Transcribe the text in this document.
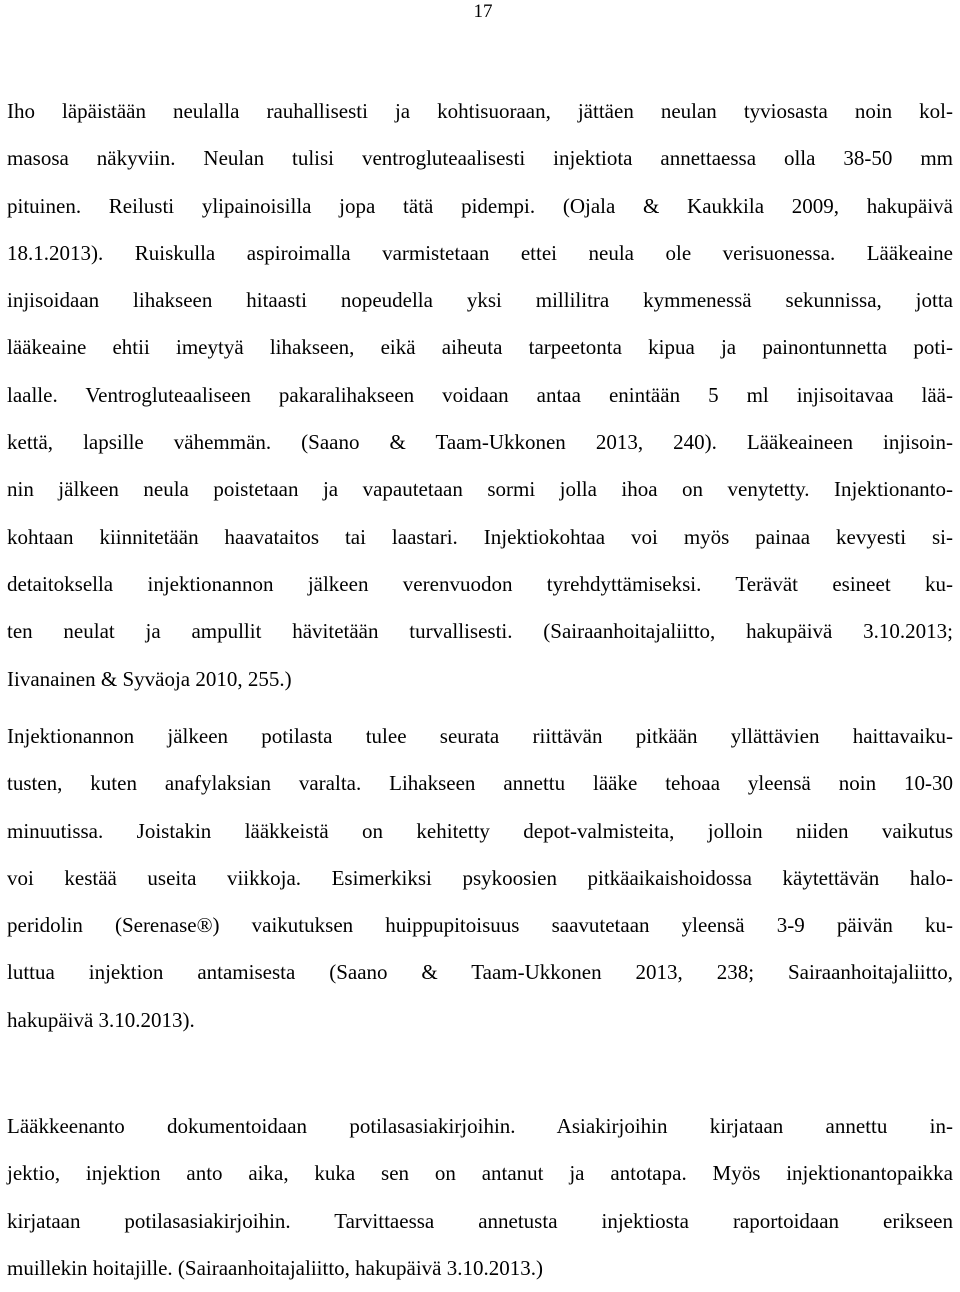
17
Iho läpäistään neulalla rauhallisesti ja kohtisuoraan, jättäen neulan tyviosasta noin kol-
masosa näkyviin. Neulan tulisi ventrogluteaalisesti injektiota annettaessa olla 38-50 mm
pituinen. Reilusti ylipainoisilla jopa tätä pidempi. (Ojala & Kaukkila 2009, hakupäivä
18.1.2013). Ruiskulla aspiroimalla varmistetaan ettei neula ole verisuonessa. Lääkeaine
injisoidaan lihakseen hitaasti nopeudella yksi millilitra kymmenessä sekunnissa, jotta
lääkeaine ehtii imeytyä lihakseen, eikä aiheuta tarpeetonta kipua ja painontunnetta poti-
laalle. Ventrogluteaaliseen pakaralihakseen voidaan antaa enintään 5 ml injisoitavaa lää-
kettä, lapsille vähemmän. (Saano & Taam-Ukkonen 2013, 240). Lääkeaineen injisoin-
nin jälkeen neula poistetaan ja vapautetaan sormi jolla ihoa on venytetty. Injektionanto-
kohtaan kiinnitetään haavataitos tai laastari. Injektiokohtaa voi myös painaa kevyesti si-
detaitoksella injektionannon jälkeen verenvuodon tyrehdyttämiseksi. Terävät esineet ku-
ten neulat ja ampullit hävitetään turvallisesti. (Sairaanhoitajaliitto, hakupäivä 3.10.2013;
Iivanainen & Syväoja 2010, 255.)
Injektionannon jälkeen potilasta tulee seurata riittävän pitkään yllättävien haittavaiku-
tusten, kuten anafylaksian varalta. Lihakseen annettu lääke tehoaa yleensä noin 10-30
minuutissa. Joistakin lääkkeistä on kehitetty depot-valmisteita, jolloin niiden vaikutus
voi kestää useita viikkoja. Esimerkiksi psykoosien pitkäaikaishoidossa käytettävän halo-
peridolin (Serenase®) vaikutuksen huippupitoisuus saavutetaan yleensä 3-9 päivän ku-
luttua injektion antamisesta (Saano & Taam-Ukkonen 2013, 238; Sairaanhoitajaliitto,
hakupäivä 3.10.2013).
Lääkkeenanto dokumentoidaan potilasasiakirjoihin. Asiakirjoihin kirjataan annettu in-
jektio, injektion anto aika, kuka sen on antanut ja antotapa. Myös injektionantopaikka
kirjataan potilasasiakirjoihin. Tarvittaessa annetusta injektiosta raportoidaan erikseen
muillekin hoitajille. (Sairaanhoitajaliitto, hakupäivä 3.10.2013.)
